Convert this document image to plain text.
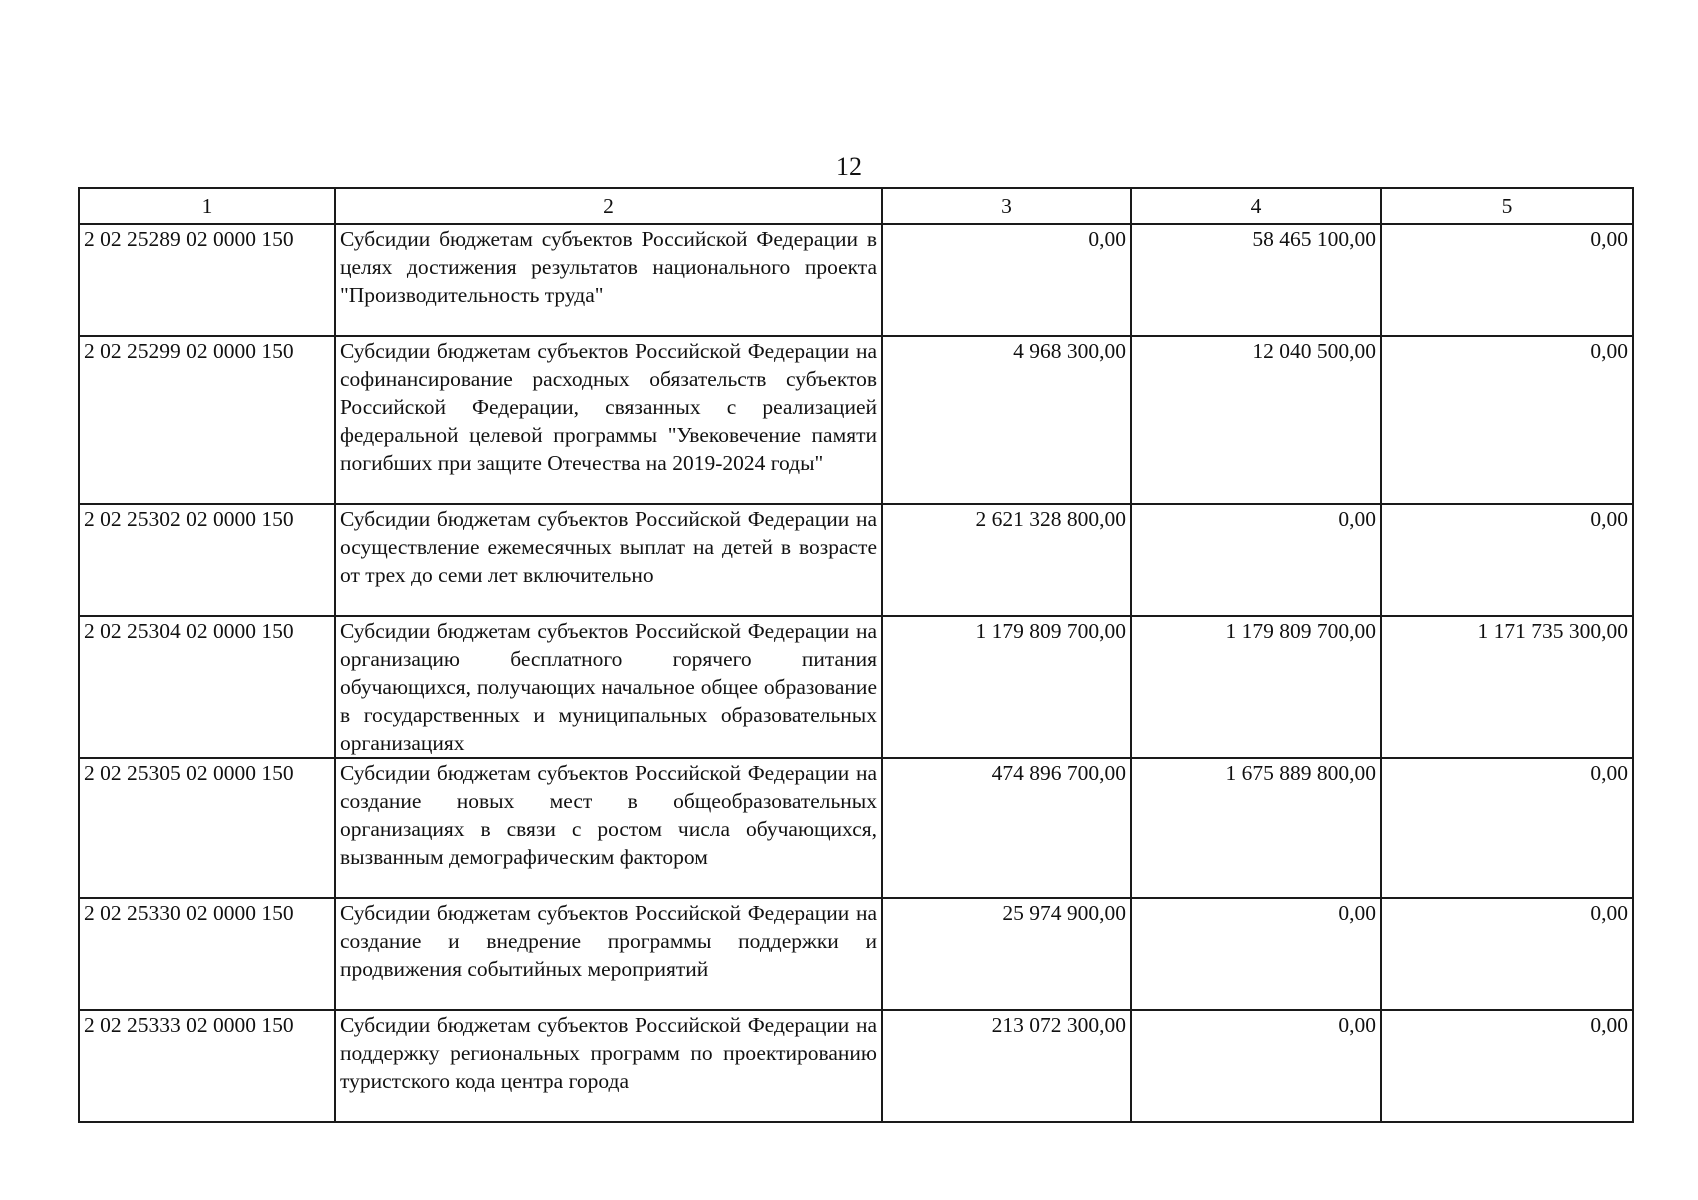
12
1	2	3	4	5
2 02 25289 02 0000 150	Субсидии бюджетам субъектов Российской Федерации в целях достижения результатов национального проекта "Производительность труда"	0,00	58 465 100,00	0,00
2 02 25299 02 0000 150	Субсидии бюджетам субъектов Российской Федерации на софинансирование расходных обязательств субъектов Российской Федерации, связанных с реализацией федеральной целевой программы "Увековечение памяти погибших при защите Отечества на 2019-2024 годы"	4 968 300,00	12 040 500,00	0,00
2 02 25302 02 0000 150	Субсидии бюджетам субъектов Российской Федерации на осуществление ежемесячных выплат на детей в возрасте от трех до семи лет включительно	2 621 328 800,00	0,00	0,00
2 02 25304 02 0000 150	Субсидии бюджетам субъектов Российской Федерации на организацию бесплатного горячего питания обучающихся, получающих начальное общее образование в государственных и муниципальных образовательных организациях	1 179 809 700,00	1 179 809 700,00	1 171 735 300,00
2 02 25305 02 0000 150	Субсидии бюджетам субъектов Российской Федерации на создание новых мест в общеобразовательных организациях в связи с ростом числа обучающихся, вызванным демографическим фактором	474 896 700,00	1 675 889 800,00	0,00
2 02 25330 02 0000 150	Субсидии бюджетам субъектов Российской Федерации на создание и внедрение программы поддержки и продвижения событийных мероприятий	25 974 900,00	0,00	0,00
2 02 25333 02 0000 150	Субсидии бюджетам субъектов Российской Федерации на поддержку региональных программ по проектированию туристского кода центра города	213 072 300,00	0,00	0,00
